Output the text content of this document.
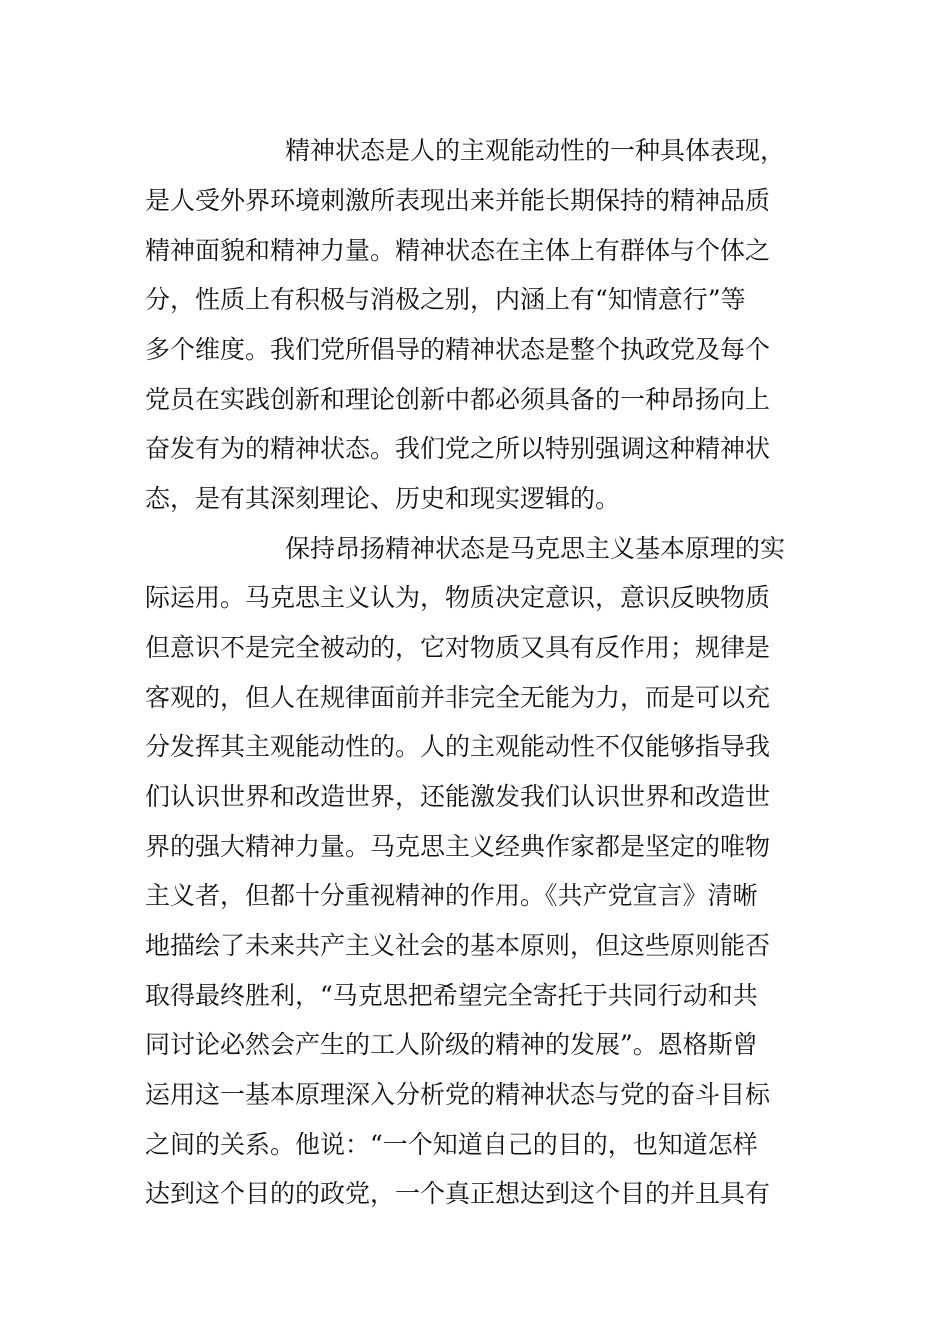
精神状态是人的主观能动性的一种具体表现，
是人受外界环境刺激所表现出来并能长期保持的精神品质
精神面貌和精神力量。精神状态在主体上有群体与个体之
分，性质上有积极与消极之别，内涵上有“知情意行”等
多个维度。我们党所倡导的精神状态是整个执政党及每个
党员在实践创新和理论创新中都必须具备的一种昂扬向上
奋发有为的精神状态。我们党之所以特别强调这种精神状
态，是有其深刻理论、历史和现实逻辑的。
保持昂扬精神状态是马克思主义基本原理的实
际运用。马克思主义认为，物质决定意识，意识反映物质
但意识不是完全被动的，它对物质又具有反作用；规律是
客观的，但人在规律面前并非完全无能为力，而是可以充
分发挥其主观能动性的。人的主观能动性不仅能够指导我
们认识世界和改造世界，还能激发我们认识世界和改造世
界的强大精神力量。马克思主义经典作家都是坚定的唯物
主义者，但都十分重视精神的作用。《共产党宣言》清晰
地描绘了未来共产主义社会的基本原则，但这些原则能否
取得最终胜利，“马克思把希望完全寄托于共同行动和共
同讨论必然会产生的工人阶级的精神的发展”。恩格斯曾
运用这一基本原理深入分析党的精神状态与党的奋斗目标
之间的关系。他说：“一个知道自己的目的，也知道怎样
达到这个目的的政党，一个真正想达到这个目的并且具有
